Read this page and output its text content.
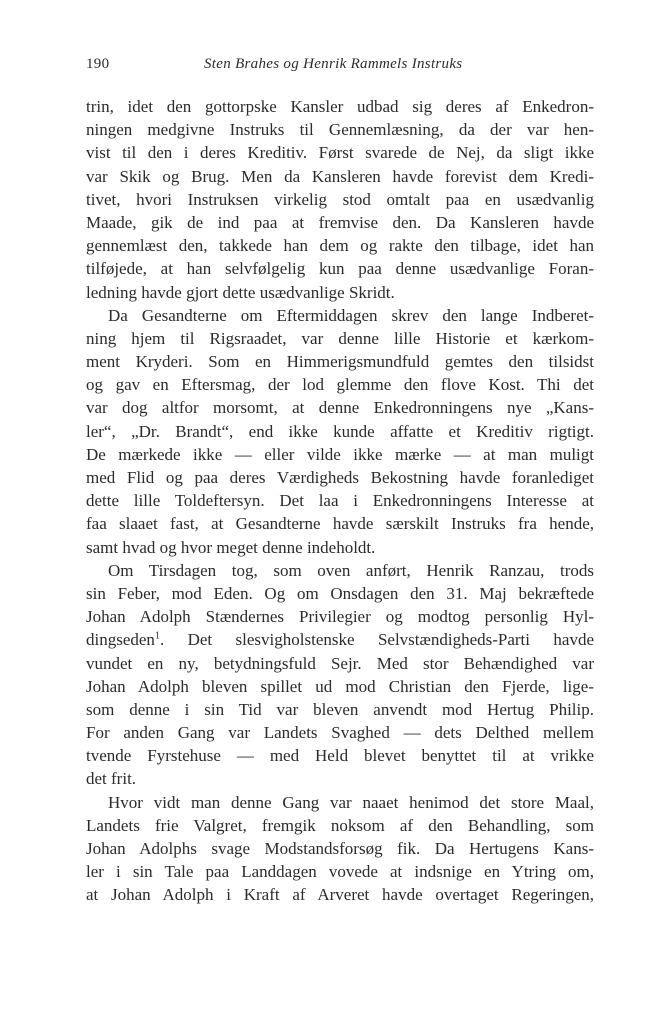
190	Sten Brahes og Henrik Rammels Instruks
trin, idet den gottorpske Kansler udbad sig deres af Enkedron-
ningen medgivne Instruks til Gennemlæsning, da der var hen-
vist til den i deres Kreditiv. Først svarede de Nej, da sligt ikke
var Skik og Brug. Men da Kansleren havde forevist dem Kredi-
tivet, hvori Instruksen virkelig stod omtalt paa en usædvanlig
Maade, gik de ind paa at fremvise den. Da Kansleren havde
gennemlæst den, takkede han dem og rakte den tilbage, idet han
tilføjede, at han selvfølgelig kun paa denne usædvanlige Foran-
ledning havde gjort dette usædvanlige Skridt.
Da Gesandterne om Eftermiddagen skrev den lange Indberet-
ning hjem til Rigsraadet, var denne lille Historie et kærkom-
ment Kryderi. Som en Himmerigsmundfuld gemtes den tilsidst
og gav en Eftersmag, der lod glemme den flove Kost. Thi det
var dog altfor morsomt, at denne Enkedronningens nye „Kans-
ler“, „Dr. Brandt“, end ikke kunde affatte et Kreditiv rigtigt.
De mærkede ikke — eller vilde ikke mærke — at man muligt
med Flid og paa deres Værdigheds Bekostning havde foranlediget
dette lille Toldeftersyn. Det laa i Enkedronningens Interesse at
faa slaaet fast, at Gesandterne havde særskilt Instruks fra hende,
samt hvad og hvor meget denne indeholdt.
Om Tirsdagen tog, som oven anført, Henrik Ranzau, trods
sin Feber, mod Eden. Og om Onsdagen den 31. Maj bekræftede
Johan Adolph Stændernes Privilegier og modtog personlig Hyl-
dingseden$^1$. Det slesvigholstenske Selvstændigheds-Parti havde
vundet en ny, betydningsfuld Sejr. Med stor Behændighed var
Johan Adolph bleven spillet ud mod Christian den Fjerde, lige-
som denne i sin Tid var bleven anvendt mod Hertug Philip.
For anden Gang var Landets Svaghed — dets Delthed mellem
tvende Fyrstehuse — med Held blevet benyttet til at vrikke
det frit.
Hvor vidt man denne Gang var naaet henimod det store Maal,
Landets frie Valgret, fremgik noksom af den Behandling, som
Johan Adolphs svage Modstandsforsøg fik. Da Hertugens Kans-
ler i sin Tale paa Landdagen vovede at indsnige en Ytring om,
at Johan Adolph i Kraft af Arveret havde overtaget Regeringen,
